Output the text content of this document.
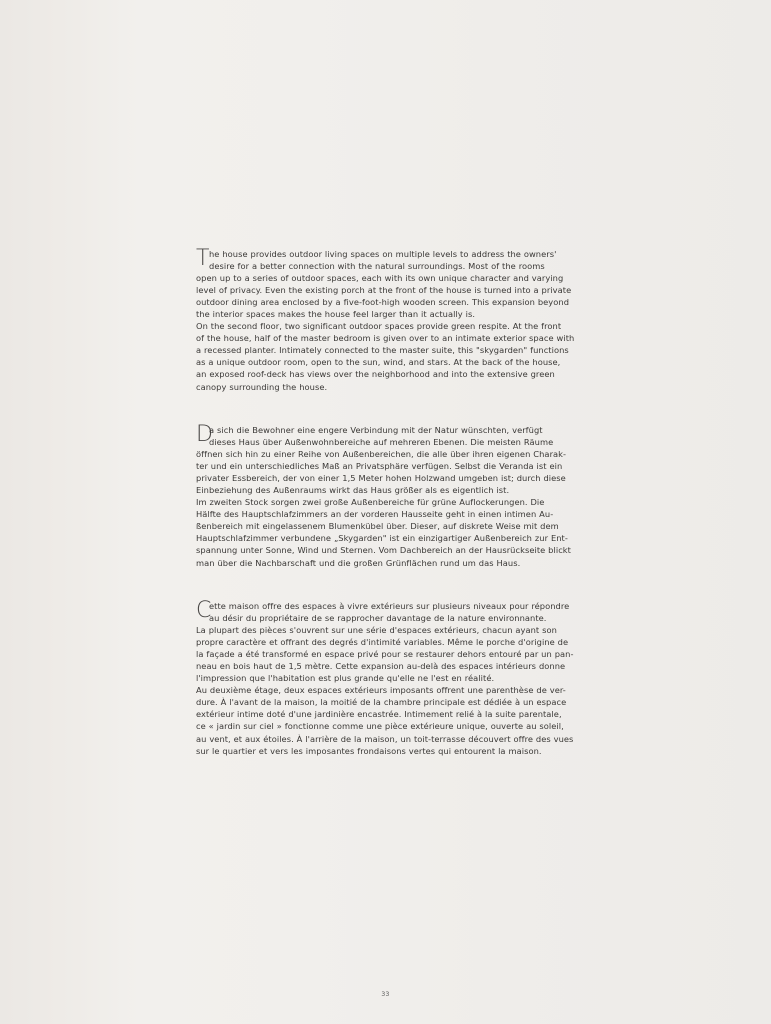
T he house provides outdoor living spaces on multiple levels to address the owners'
desire for a better connection with the natural surroundings. Most of the rooms
open up to a series of outdoor spaces, each with its own unique character and varying
level of privacy. Even the existing porch at the front of the house is turned into a private
outdoor dining area enclosed by a five-foot-high wooden screen. This expansion beyond
the interior spaces makes the house feel larger than it actually is.
On the second floor, two significant outdoor spaces provide green respite. At the front
of the house, half of the master bedroom is given over to an intimate exterior space with
a recessed planter. Intimately connected to the master suite, this "skygarden" functions
as a unique outdoor room, open to the sun, wind, and stars. At the back of the house,
an exposed roof-deck has views over the neighborhood and into the extensive green
canopy surrounding the house.
D
a sich die Bewohner eine engere Verbindung mit der Natur wünschten, verfügt
dieses Haus über Außenwohnbereiche auf mehreren Ebenen. Die meisten Räume
öffnen sich hin zu einer Reihe von Außenbereichen, die alle über ihren eigenen Charak-
ter und ein unterschiedliches Maß an Privatsphäre verfügen. Selbst die Veranda ist ein
privater Essbereich, der von einer 1,5 Meter hohen Holzwand umgeben ist; durch diese
Einbeziehung des Außenraums wirkt das Haus größer als es eigentlich ist.
Im zweiten Stock sorgen zwei große Außenbereiche für grüne Auflockerungen. Die
Hälfte des Hauptschlafzimmers an der vorderen Hausseite geht in einen intimen Au-
ßenbereich mit eingelassenem Blumenkübel über. Dieser, auf diskrete Weise mit dem
Hauptschlafzimmer verbundene „Skygarden" ist ein einzigartiger Außenbereich zur Ent-
spannung unter Sonne, Wind und Sternen. Vom Dachbereich an der Hausrückseite blickt
man über die Nachbarschaft und die großen Grünflächen rund um das Haus.
C
ette maison offre des espaces à vivre extérieurs sur plusieurs niveaux pour répondre
au désir du propriétaire de se rapprocher davantage de la nature environnante.
La plupart des pièces s'ouvrent sur une série d'espaces extérieurs, chacun ayant son
propre caractère et offrant des degrés d'intimité variables. Même le porche d'origine de
la façade a été transformé en espace privé pour se restaurer dehors entouré par un pan-
neau en bois haut de 1,5 mètre. Cette expansion au-delà des espaces intérieurs donne
l'impression que l'habitation est plus grande qu'elle ne l'est en réalité.
Au deuxième étage, deux espaces extérieurs imposants offrent une parenthèse de ver-
dure. À l'avant de la maison, la moitié de la chambre principale est dédiée à un espace
extérieur intime doté d'une jardinière encastrée. Intimement relié à la suite parentale,
ce « jardin sur ciel » fonctionne comme une pièce extérieure unique, ouverte au soleil,
au vent, et aux étoiles. À l'arrière de la maison, un toit-terrasse découvert offre des vues
sur le quartier et vers les imposantes frondaisons vertes qui entourent la maison.
33
